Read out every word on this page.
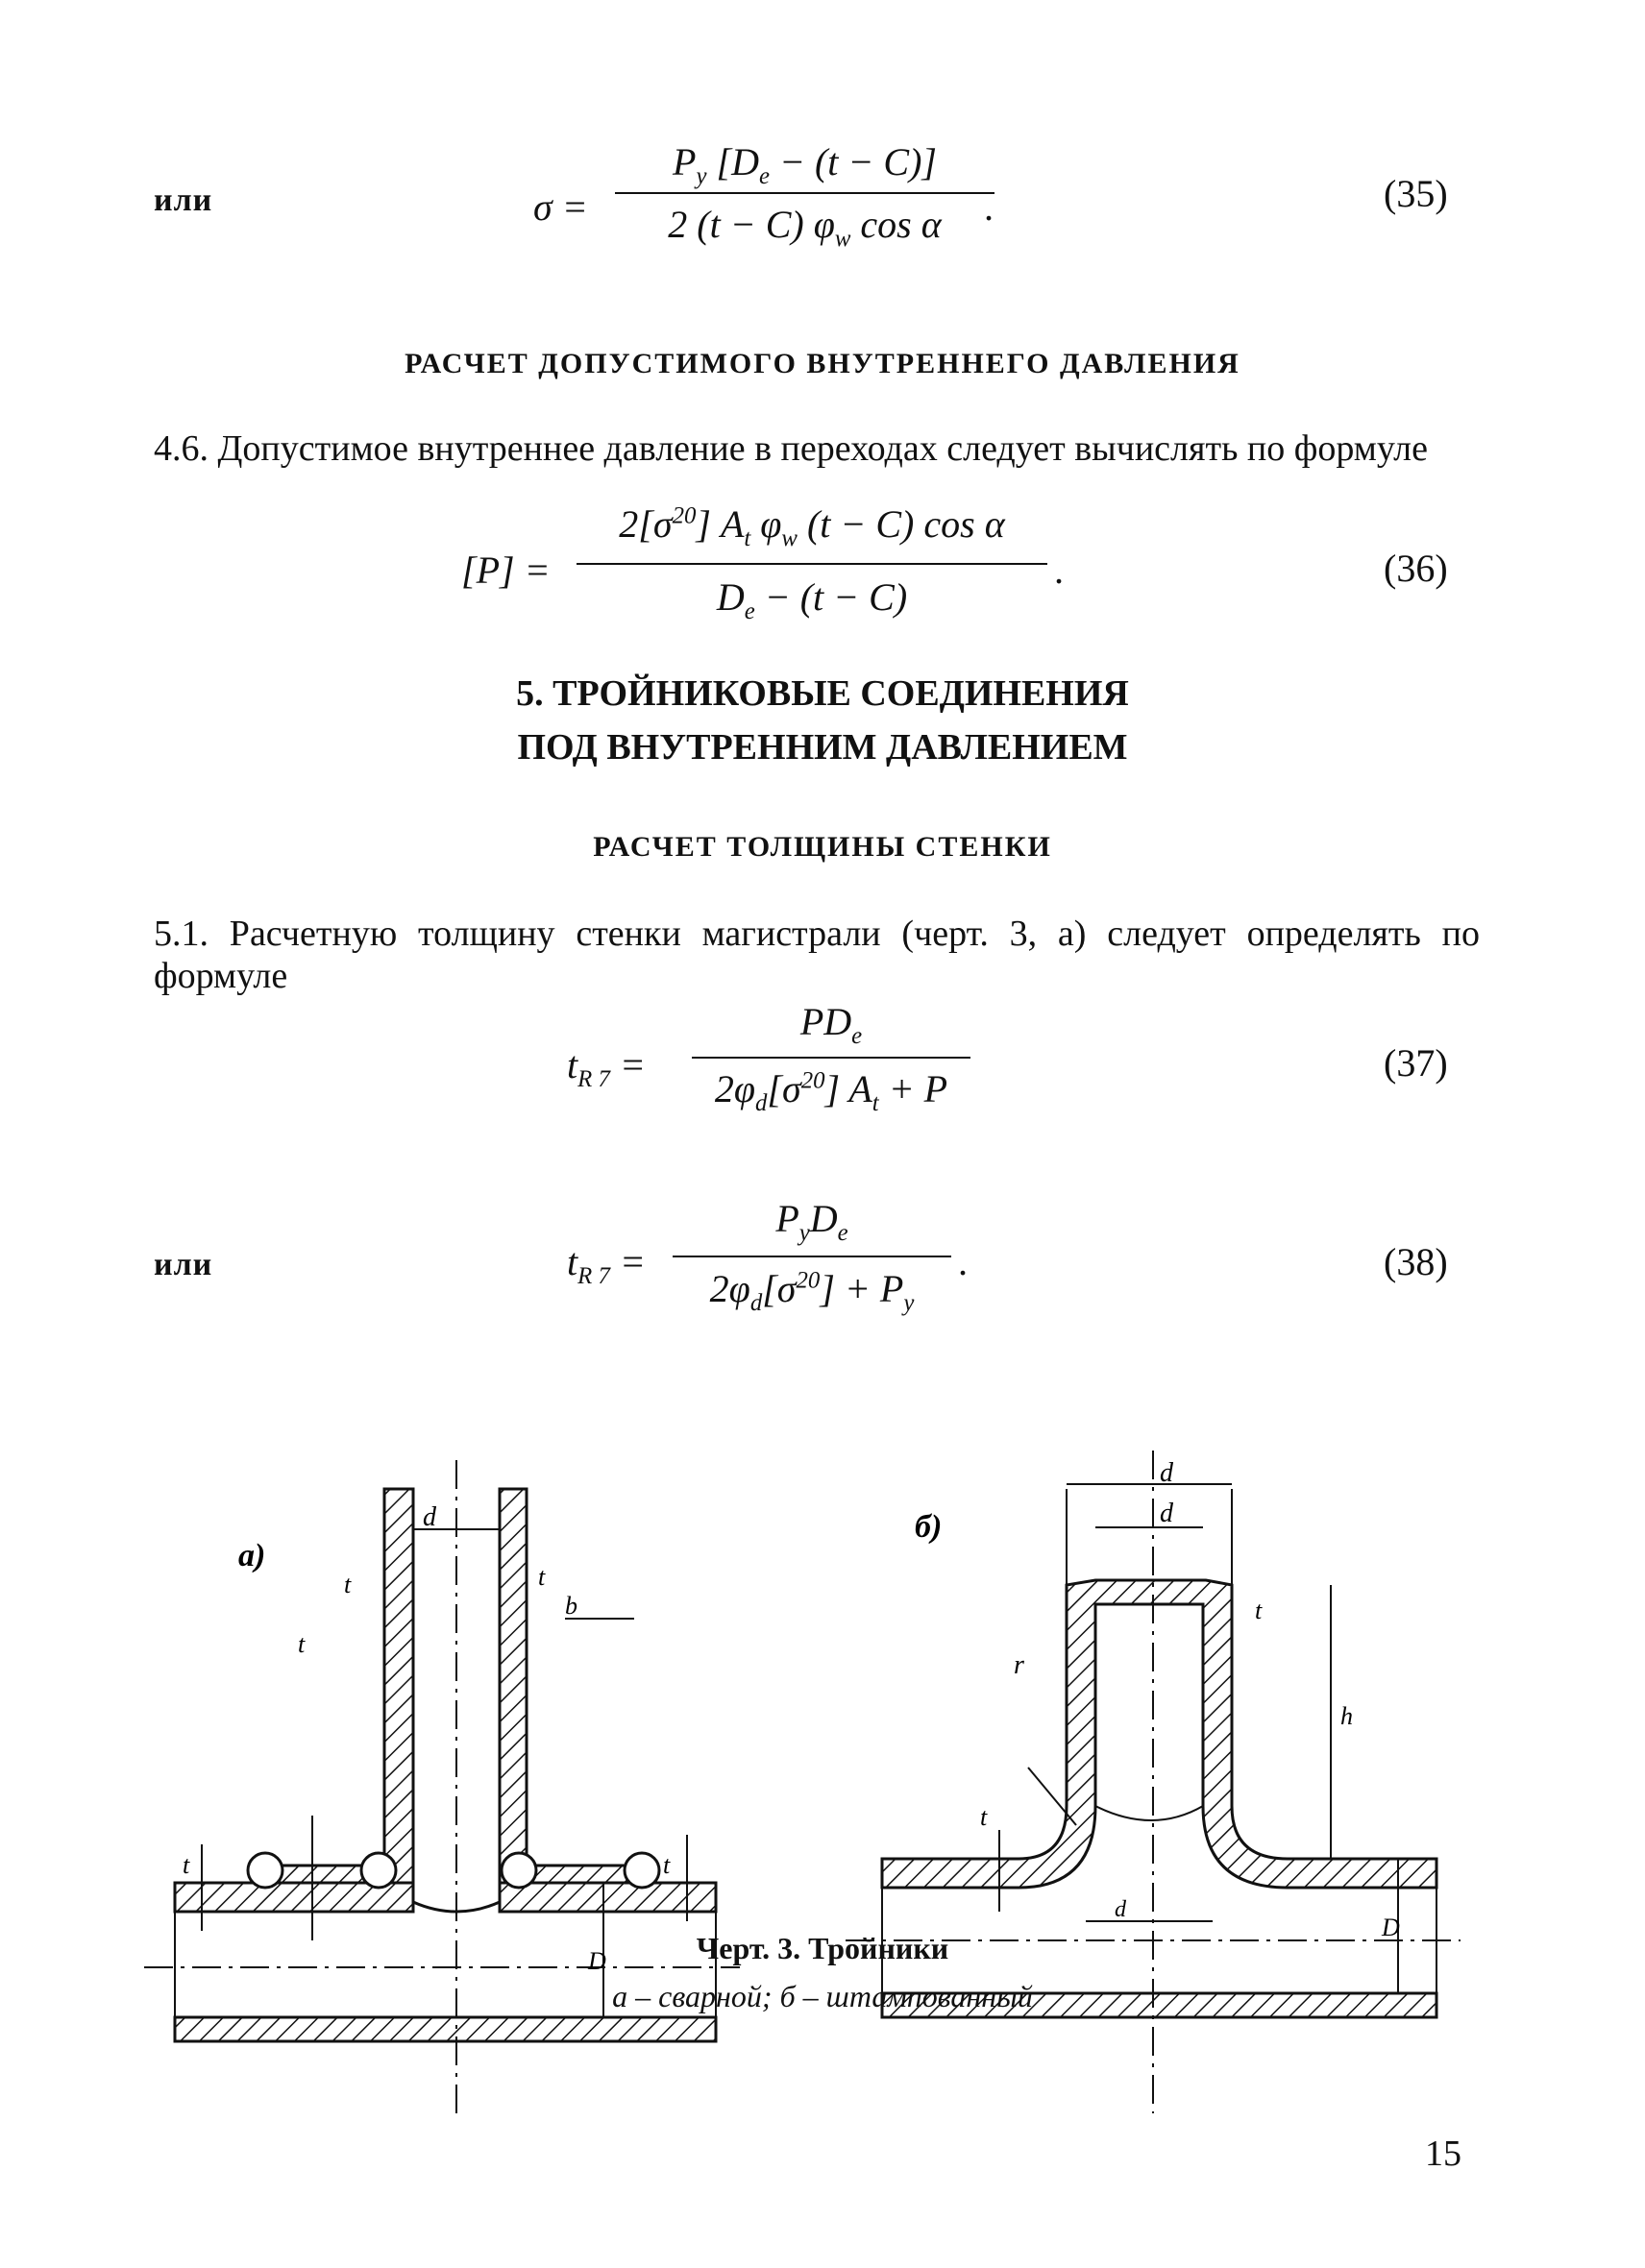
или	σ =
$P_y$ $[D_e - (t - C)]$
2 (t − C) $\varphi_w$ cos α	.	(35)
РАСЧЕТ ДОПУСТИМОГО ВНУТРЕННЕГО ДАВЛЕНИЯ
4.6. Допустимое внутреннее давление в переходах следует вычислять по формуле
[P] =
$2[\sigma^{20}]$ $A_t$ $\varphi_w$ (t − C) cos α
$D_e - (t - C)$
.	(36)
5. ТРОЙНИКОВЫЕ СОЕДИНЕНИЯ
ПОД ВНУТРЕННИМ ДАВЛЕНИЕМ
РАСЧЕТ ТОЛЩИНЫ СТЕНКИ
5.1. Расчетную толщину стенки магистрали (черт. 3, а) следует определять по формуле
$t_{R 7}$ =
$PD_e$
$2\varphi_d[\sigma^{20}] A_t + P$
(37)
или	$t_{R 7}$ =
$P_yD_e$
$2\varphi_d[\sigma^{20}] + P_y$
.	(38)
а)
d
t
t
b
t
t	t
D
б)
d
d
t
h
r
t
d
D
Черт. 3. Тройники
а – сварной; б – штампованный
15
